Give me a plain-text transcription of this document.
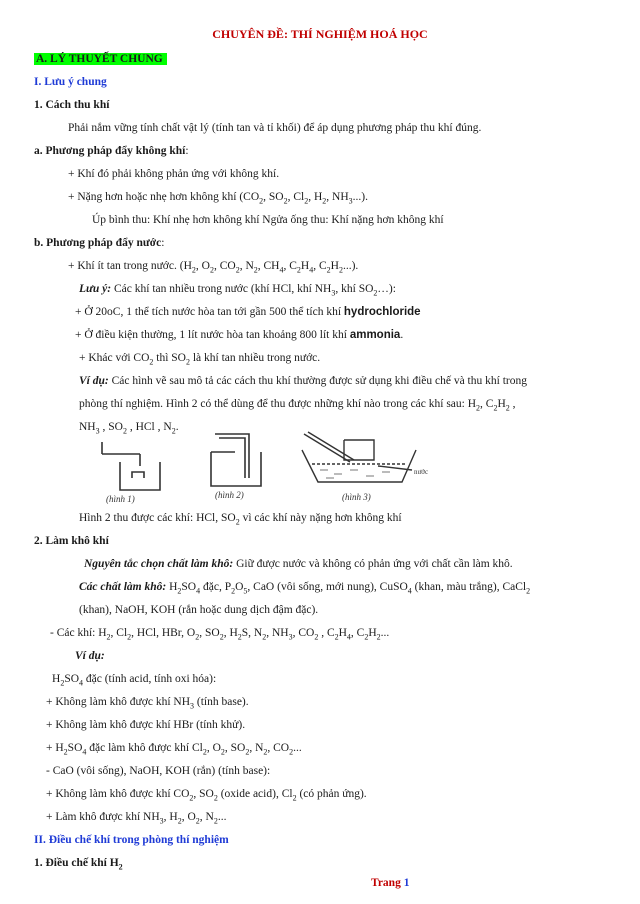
CHUYÊN ĐỀ: THÍ NGHIỆM HOÁ HỌC
A. LÝ THUYẾT CHUNG
I. Lưu ý chung
1. Cách thu khí
Phải nắm vững tính chất vật lý (tính tan và tỉ khối) để áp dụng phương pháp thu khí đúng.
a. Phương pháp đẩy không khí:
+ Khí đó phải không phản ứng với không khí.
+ Nặng hơn hoặc nhẹ hơn không khí ($CO_2$, $SO_2$, $Cl_2$, $H_2$, $NH_3$...).
Úp bình thu: Khí nhẹ hơn không khí Ngửa ống thu: Khí nặng hơn không khí
b. Phương pháp đẩy nước:
+ Khí ít tan trong nước. ($H_2$, $O_2$, $CO_2$, $N_2$, $CH_4$, $C_2H_4$, $C_2H_2$...).
Lưu ý: Các khí tan nhiều trong nước (khí HCl, khí $NH_3$, khí $SO_2\dots$):
+ Ở 20oC, 1 thể tích nước hòa tan tới gần 500 thể tích khí hydrochloride
+ Ở điều kiện thường, 1 lít nước hòa tan khoảng 800 lít khí ammonia.
+ Khác với $CO_2$ thì $SO_2$ là khí tan nhiều trong nước.
Ví dụ: Các hình vẽ sau mô tả các cách thu khí thường được sử dụng khi điều chế và thu khí trong
phòng thí nghiệm. Hình 2 có thể dùng để thu được những khí nào trong các khí sau: $H_2$, $C_2H_2$ ,
$NH_3$ , $SO_2$ , HCl , $N_2$.
(hình 1)	(hình 2)
nước
(hình 3)
Hình 2 thu được các khí: HCl, $SO_2$ vì các khí này nặng hơn không khí
2. Làm khô khí
Nguyên tắc chọn chất làm khô: Giữ được nước và không có phản ứng với chất cần làm khô.
Các chất làm khô: $H_2SO_4$ đặc, $P_2O_5$, CaO (vôi sống, mới nung), CuSO$_4$ (khan, màu trắng), CaCl$_2$
(khan), NaOH, KOH (rắn hoặc dung dịch đậm đặc).
- Các khí: $H_2$, $Cl_2$, HCl, HBr, $O_2$, $SO_2$, $H_2S$, $N_2$, $NH_3$, $CO_2$ , $C_2H_4$, $C_2H_2$...
Ví dụ:
$H_2SO_4$ đặc (tính acid, tính oxi hóa):
+ Không làm khô được khí $NH_3$ (tính base).
+ Không làm khô được khí HBr (tính khử).
+ $H_2SO_4$ đặc làm khô được khí $Cl_2$, $O_2$, $SO_2$, $N_2$, $CO_2$...
- CaO (vôi sống), NaOH, KOH (rắn) (tính base):
+ Không làm khô được khí $CO_2$, $SO_2$ (oxide acid), $Cl_2$ (có phản ứng).
+ Làm khô được khí $NH_3$, $H_2$, $O_2$, $N_2$...
II. Điều chế khí trong phòng thí nghiệm
1. Điều chế khí $H_2$
Trang 1
